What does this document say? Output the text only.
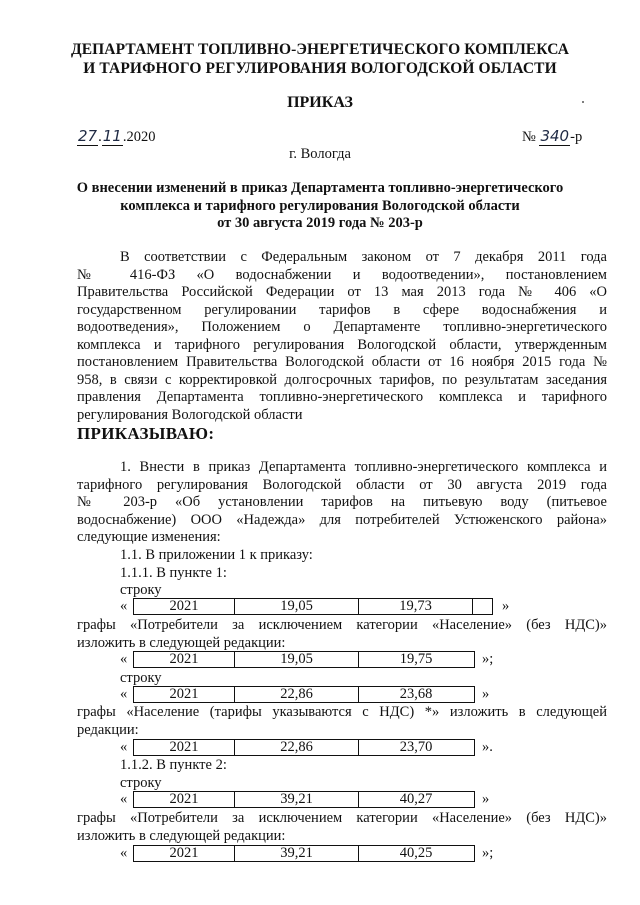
ДЕПАРТАМЕНТ ТОПЛИВНО-ЭНЕРГЕТИЧЕСКОГО КОМПЛЕКСА
И ТАРИФНОГО РЕГУЛИРОВАНИЯ ВОЛОГОДСКОЙ ОБЛАСТИ
ПРИКАЗ
27.11.2020	№ 340-р
г. Вологда
О внесении изменений в приказ Департамента топливно-энергетического
комплекса и тарифного регулирования Вологодской области
от 30 августа 2019 года № 203-р
В соответствии с Федеральным законом от 7 декабря 2011 года
№ 416-ФЗ «О водоснабжении и водоотведении», постановлением
Правительства Российской Федерации от 13 мая 2013 года № 406 «О
государственном регулировании тарифов в сфере водоснабжения и
водоотведения», Положением о Департаменте топливно-энергетического
комплекса и тарифного регулирования Вологодской области, утвержденным
постановлением Правительства Вологодской области от 16 ноября 2015 года №
958, в связи с корректировкой долгосрочных тарифов, по результатам заседания
правления Департамента топливно-энергетического комплекса и тарифного
регулирования Вологодской области
ПРИКАЗЫВАЮ:
1. Внести в приказ Департамента топливно-энергетического комплекса и
тарифного регулирования Вологодской области от 30 августа 2019 года
№ 203-р «Об установлении тарифов на питьевую воду (питьевое
водоснабжение) ООО «Надежда» для потребителей Устюженского района»
следующие изменения:
1.1. В приложении 1 к приказу:
1.1.1. В пункте 1:
строку
«	2021	19,05	19,73	»
графы «Потребители за исключением категории «Население» (без НДС)»
изложить в следующей редакции:
«	2021	19,05	19,75	»;
строку
«	2021	22,86	23,68	»
графы «Население (тарифы указываются с НДС) *» изложить в следующей
редакции:
«	2021	22,86	23,70	».
1.1.2. В пункте 2:
строку
«	2021	39,21	40,27	»
графы «Потребители за исключением категории «Население» (без НДС)»
изложить в следующей редакции:
«	2021	39,21	40,25	»;
